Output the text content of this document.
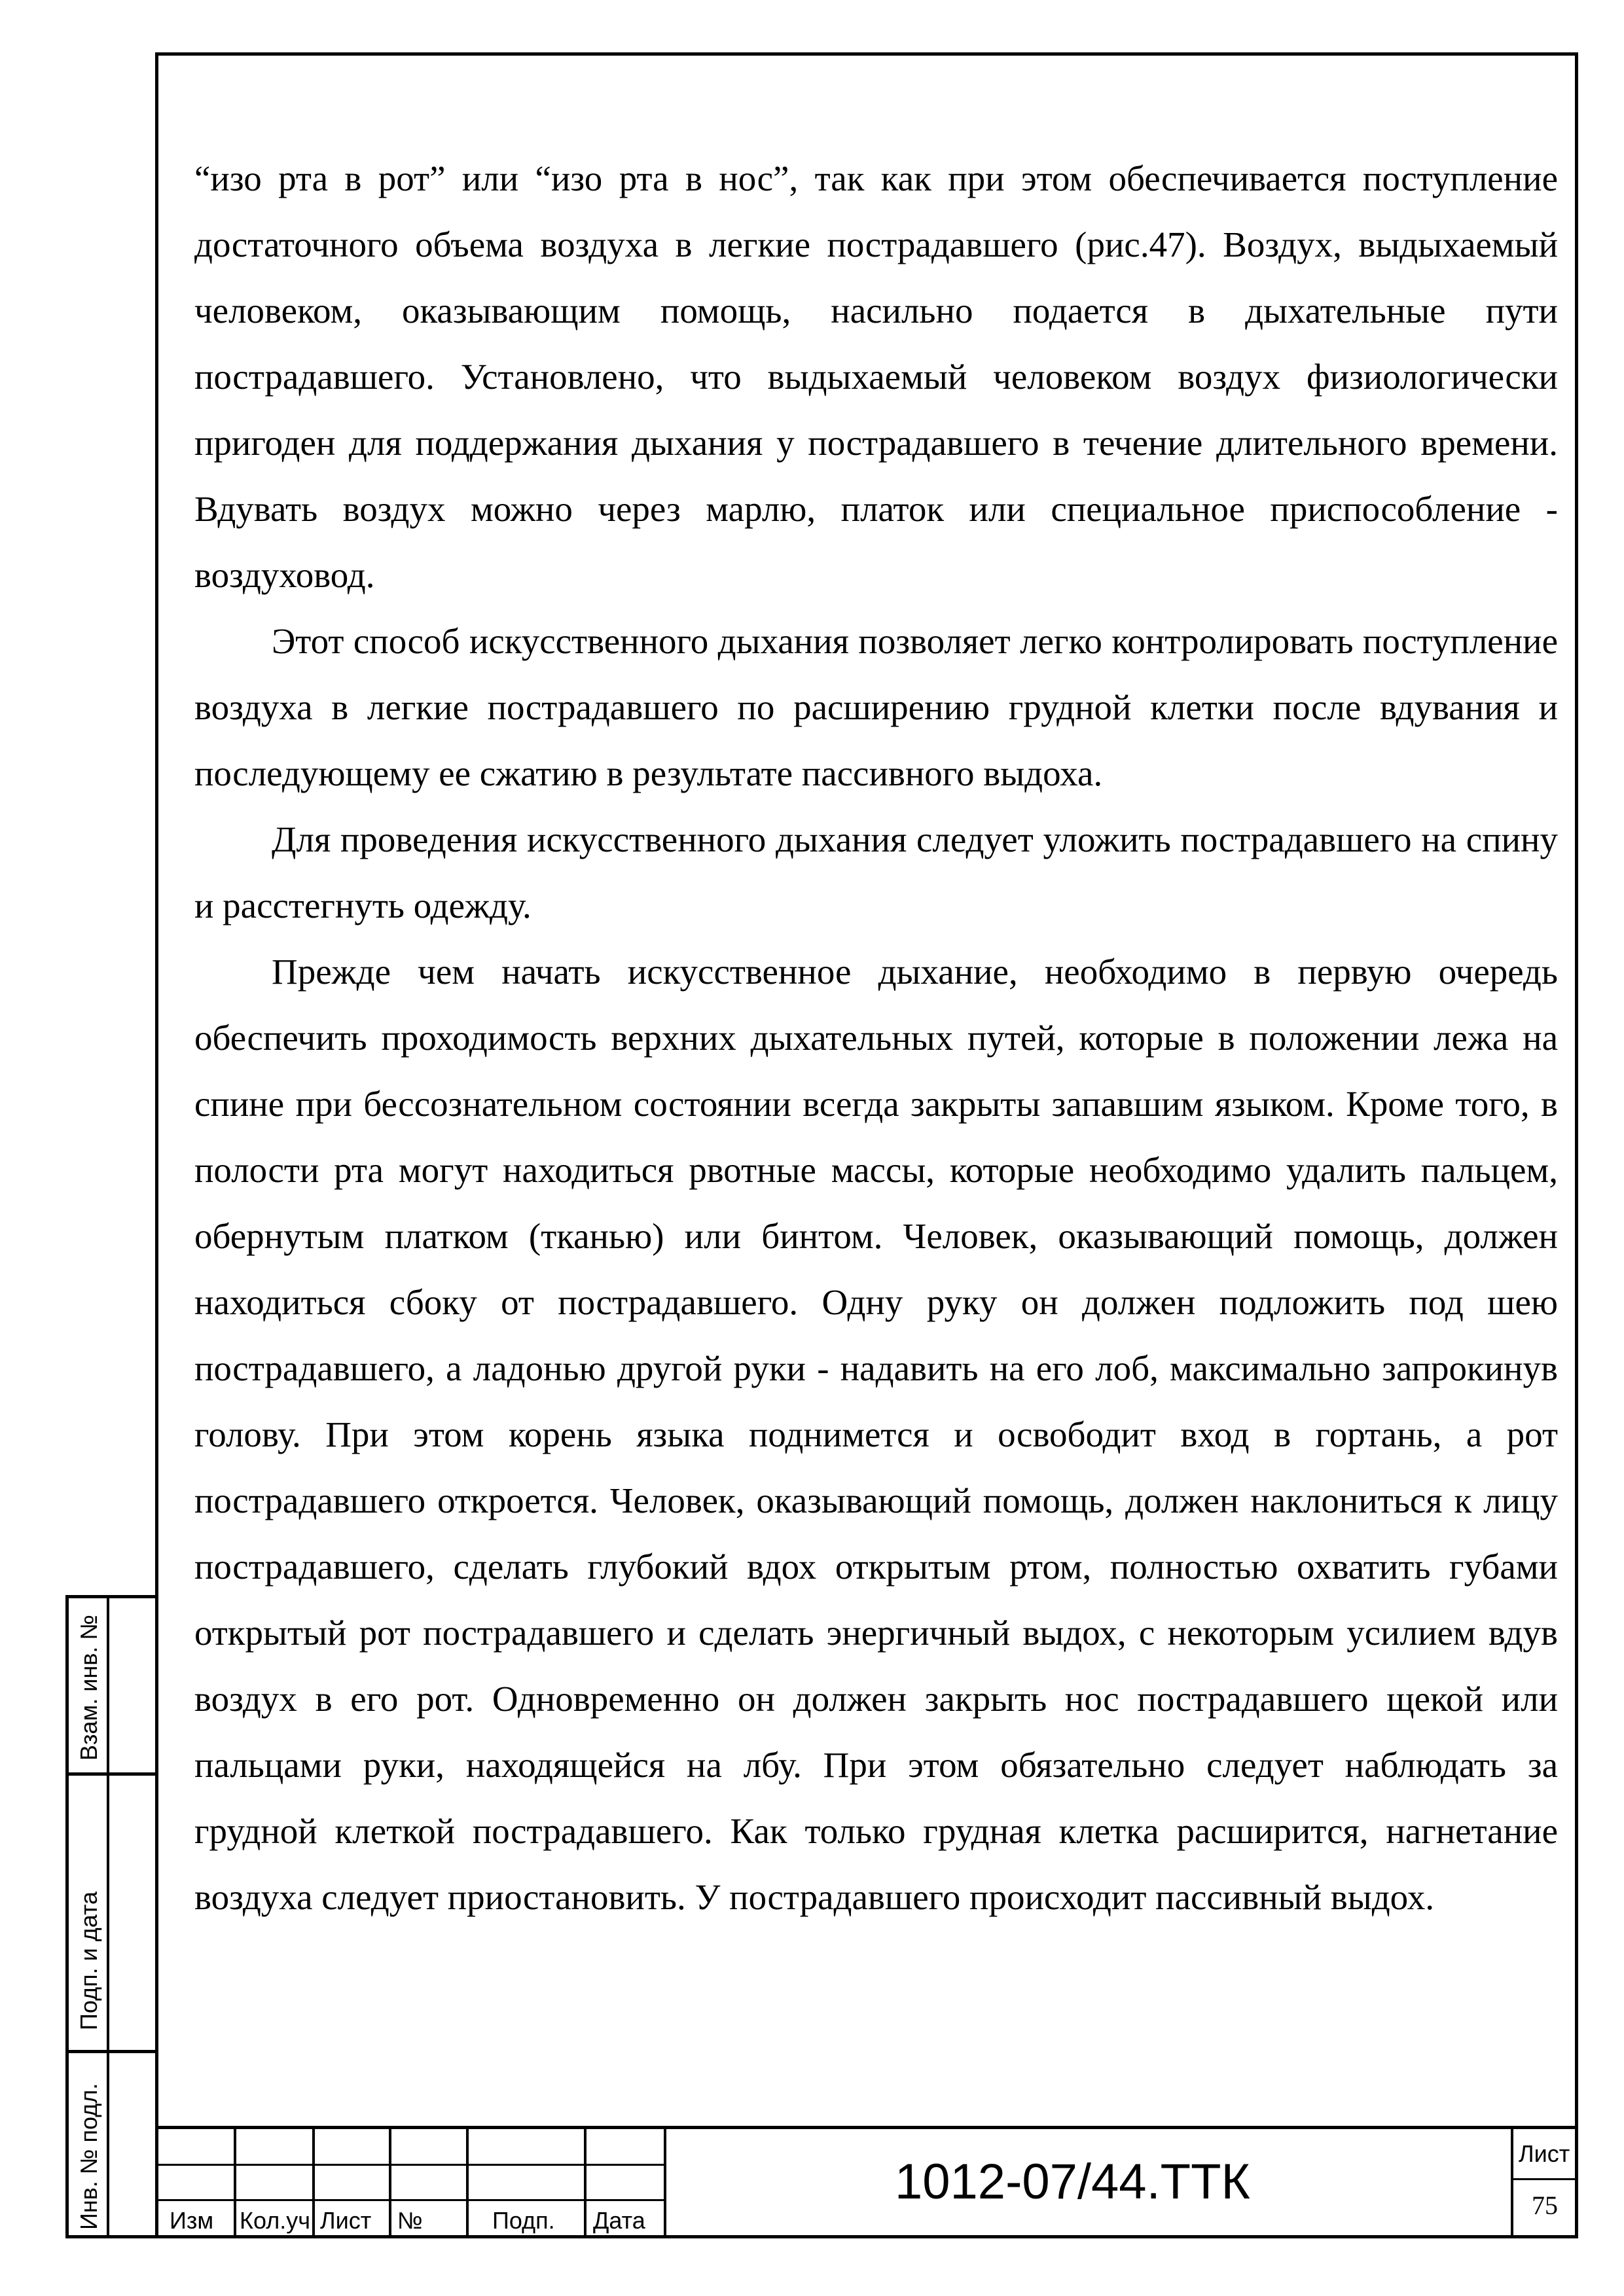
“изо рта в рот” или “изо рта в нос”, так как при этом обеспечивается поступление достаточного объема воздуха в легкие пострадавшего (рис.47). Воздух, выдыхаемый человеком, оказывающим помощь, насильно подается в дыхательные пути пострадавшего. Установлено, что выдыхаемый человеком воздух физиологически пригоден для поддержания дыхания у пострадавшего в течение длительного времени. Вдувать воздух можно через марлю, платок или специальное приспособление - воздуховод.

Этот способ искусственного дыхания позволяет легко контролировать поступление воздуха в легкие пострадавшего по расширению грудной клетки после вдувания и последующему ее сжатию в результате пассивного выдоха.

Для проведения искусственного дыхания следует уложить пострадавшего на спину и расстегнуть одежду.

Прежде чем начать искусственное дыхание, необходимо в первую очередь обеспечить проходимость верхних дыхательных путей, которые в положении лежа на спине при бессознательном состоянии всегда закрыты запавшим языком. Кроме того, в полости рта могут находиться рвотные массы, которые необходимо удалить пальцем, обернутым платком (тканью) или бинтом. Человек, оказывающий помощь, должен находиться сбоку от пострадавшего. Одну руку он должен подложить под шею пострадавшего, а ладонью другой руки - надавить на его лоб, максимально запрокинув голову. При этом корень языка поднимется и освободит вход в гортань, а рот пострадавшего откроется. Человек, оказывающий помощь, должен наклониться к лицу пострадавшего, сделать глубокий вдох открытым ртом, полностью охватить губами открытый рот пострадавшего и сделать энергичный выдох, с некоторым усилием вдув воздух в его рот. Одновременно он должен закрыть нос пострадавшего щекой или пальцами руки, находящейся на лбу. При этом обязательно следует наблюдать за грудной клеткой пострадавшего. Как только грудная клетка расширится, нагнетание воздуха следует приостановить. У пострадавшего происходит пассивный выдох.

Взам. инв. №
Подп. и дата
Инв. № подл.	Изм Кол.уч Лист №	Подп. Дата
1012-07/44.ТТК
Лист
75
